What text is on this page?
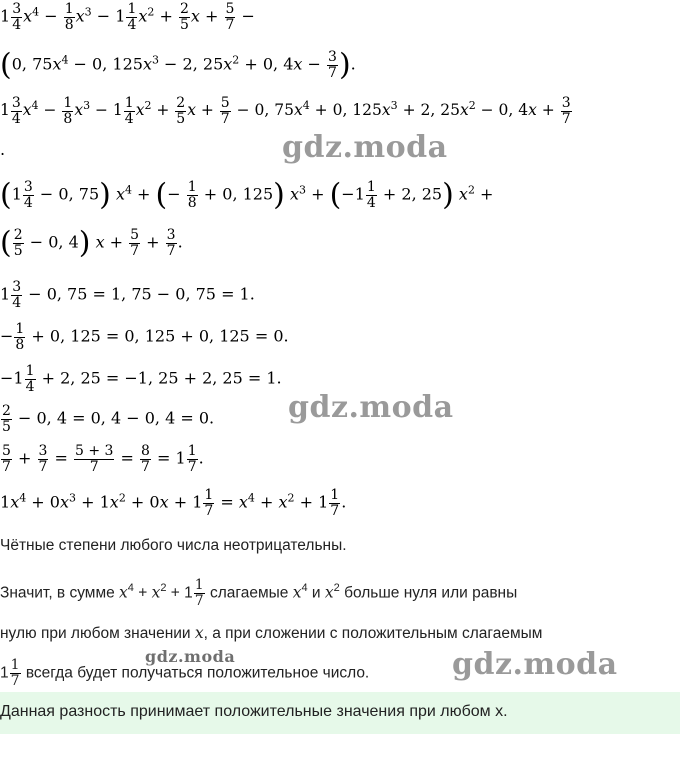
$1 \frac{3}{4} x^4 - \frac{1}{8} x^3 - 1 \frac{1}{4} x^2 + \frac{2}{5}$ $x + \frac{5}{7}$ −
(0, $75x^4 - 0$, $125x^3 - 2$, $25x^2 + 0$, $4x - \frac{3}{7}$ ).
$1 \frac{3}{4} x^4 - \frac{1}{8} x^3 - 1 \frac{1}{4} x^2 + \frac{2}{5}$ $x + \frac{5}{7} - 0$, $75x^4 + 0$, $125x^3 + 2$, $25x^2 - 0$, $4x + \frac{3}{7}$
.
($1 \frac{3}{4} - 0$, 75) $x^4$ + (− $\frac{1}{8} + 0$, 125) $x^3 + (-1 \frac{1}{4} + 2$, 25) $x^2$ +
( $\frac{2}{5} - 0$, 4) $x + \frac{5}{7} + \frac{3}{7}$ .
$1 \frac{3}{4} - 0$, 75 = 1, 75 − 0, 75 = 1.
− $\frac{1}{8} + 0$, 125 = 0, 125 + 0, 125 = 0.
$-1 \frac{1}{4} + 2$, 25 = −1, 25 + 2, 25 = 1.
$\frac{2}{5} - 0$, 4 = 0, 4 − 0, 4 = 0.
$\frac{5}{7} + \frac{3}{7} = \frac{5 + 3}{7} = \frac{8}{7} = 1 \frac{1}{7}$ .
$1x^4 + 0x^3 + 1x^2 + 0x + 1 \frac{1}{7} = x^4 + x^2 + 1 \frac{1}{7}$ .
Чётные степени любого числа неотрицательны.
Значит, в сумме $x^4 + x^2 + 1 \frac{1}{7}$ слагаемые $x^4$ и $x^2$ больше нуля или равны
нулю при любом значении x, а при сложении с положительным слагаемым
$1 \frac{1}{7}$ всегда будет получаться положительное число.
Данная разность принимает положительные значения при любом x.
gdz.moda
gdz.moda
gdz.moda
gdz.moda
